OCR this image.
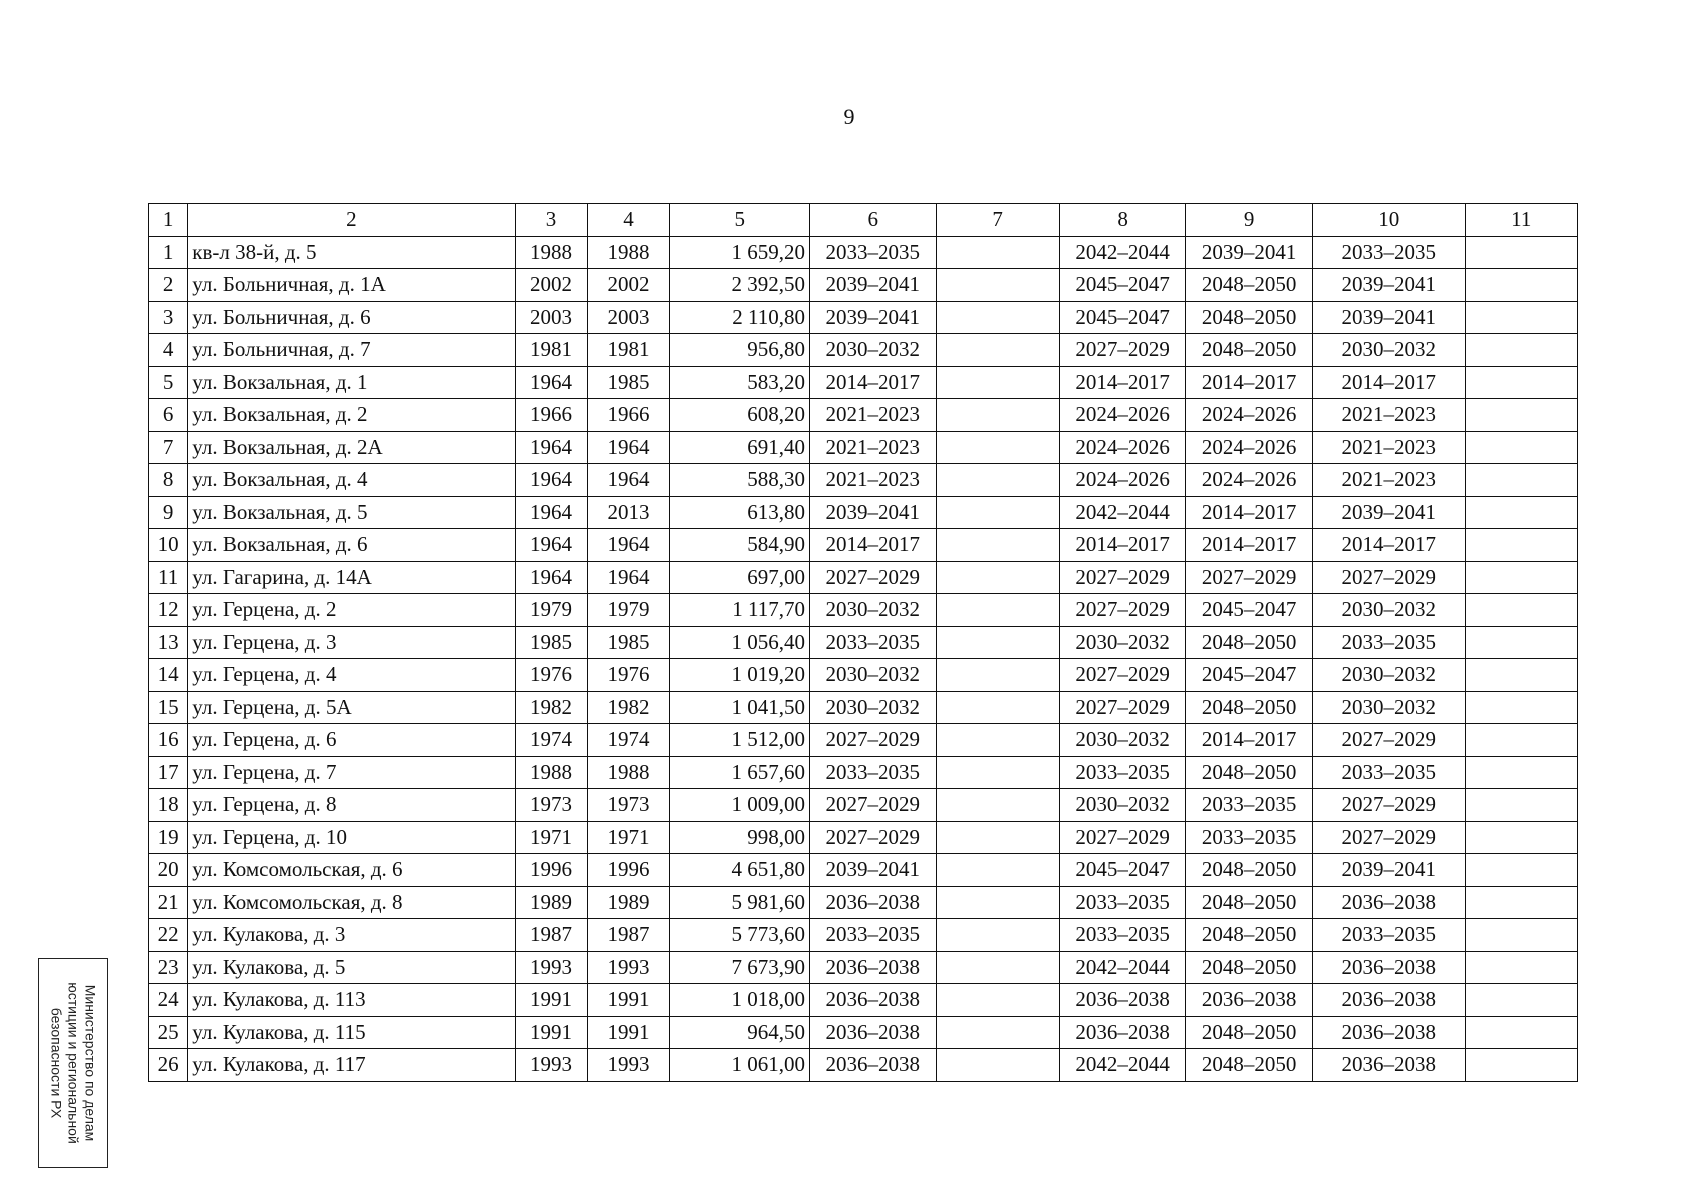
9
1	2	3	4	5	6	7	8	9	10	11
1	кв-л 38-й, д. 5	1988	1988	1 659,20	2033–2035		2042–2044	2039–2041	2033–2035	
2	ул. Больничная, д. 1А	2002	2002	2 392,50	2039–2041		2045–2047	2048–2050	2039–2041	
3	ул. Больничная, д. 6	2003	2003	2 110,80	2039–2041		2045–2047	2048–2050	2039–2041	
4	ул. Больничная, д. 7	1981	1981	956,80	2030–2032		2027–2029	2048–2050	2030–2032	
5	ул. Вокзальная, д. 1	1964	1985	583,20	2014–2017		2014–2017	2014–2017	2014–2017	
6	ул. Вокзальная, д. 2	1966	1966	608,20	2021–2023		2024–2026	2024–2026	2021–2023	
7	ул. Вокзальная, д. 2А	1964	1964	691,40	2021–2023		2024–2026	2024–2026	2021–2023	
8	ул. Вокзальная, д. 4	1964	1964	588,30	2021–2023		2024–2026	2024–2026	2021–2023	
9	ул. Вокзальная, д. 5	1964	2013	613,80	2039–2041		2042–2044	2014–2017	2039–2041	
10	ул. Вокзальная, д. 6	1964	1964	584,90	2014–2017		2014–2017	2014–2017	2014–2017	
11	ул. Гагарина, д. 14А	1964	1964	697,00	2027–2029		2027–2029	2027–2029	2027–2029	
12	ул. Герцена, д. 2	1979	1979	1 117,70	2030–2032		2027–2029	2045–2047	2030–2032	
13	ул. Герцена, д. 3	1985	1985	1 056,40	2033–2035		2030–2032	2048–2050	2033–2035	
14	ул. Герцена, д. 4	1976	1976	1 019,20	2030–2032		2027–2029	2045–2047	2030–2032	
15	ул. Герцена, д. 5А	1982	1982	1 041,50	2030–2032		2027–2029	2048–2050	2030–2032	
16	ул. Герцена, д. 6	1974	1974	1 512,00	2027–2029		2030–2032	2014–2017	2027–2029	
17	ул. Герцена, д. 7	1988	1988	1 657,60	2033–2035		2033–2035	2048–2050	2033–2035	
18	ул. Герцена, д. 8	1973	1973	1 009,00	2027–2029		2030–2032	2033–2035	2027–2029	
19	ул. Герцена, д. 10	1971	1971	998,00	2027–2029		2027–2029	2033–2035	2027–2029	
20	ул. Комсомольская, д. 6	1996	1996	4 651,80	2039–2041		2045–2047	2048–2050	2039–2041	
21	ул. Комсомольская, д. 8	1989	1989	5 981,60	2036–2038		2033–2035	2048–2050	2036–2038	
22	ул. Кулакова, д. 3	1987	1987	5 773,60	2033–2035		2033–2035	2048–2050	2033–2035	
23	ул. Кулакова, д. 5	1993	1993	7 673,90	2036–2038		2042–2044	2048–2050	2036–2038	
24	ул. Кулакова, д. 113	1991	1991	1 018,00	2036–2038		2036–2038	2036–2038	2036–2038	
25	ул. Кулакова, д. 115	1991	1991	964,50	2036–2038		2036–2038	2048–2050	2036–2038	
26	ул. Кулакова, д. 117	1993	1993	1 061,00	2036–2038		2042–2044	2048–2050	2036–2038	
Министерство по делам
юстиции и региональной
безопасности РХ
